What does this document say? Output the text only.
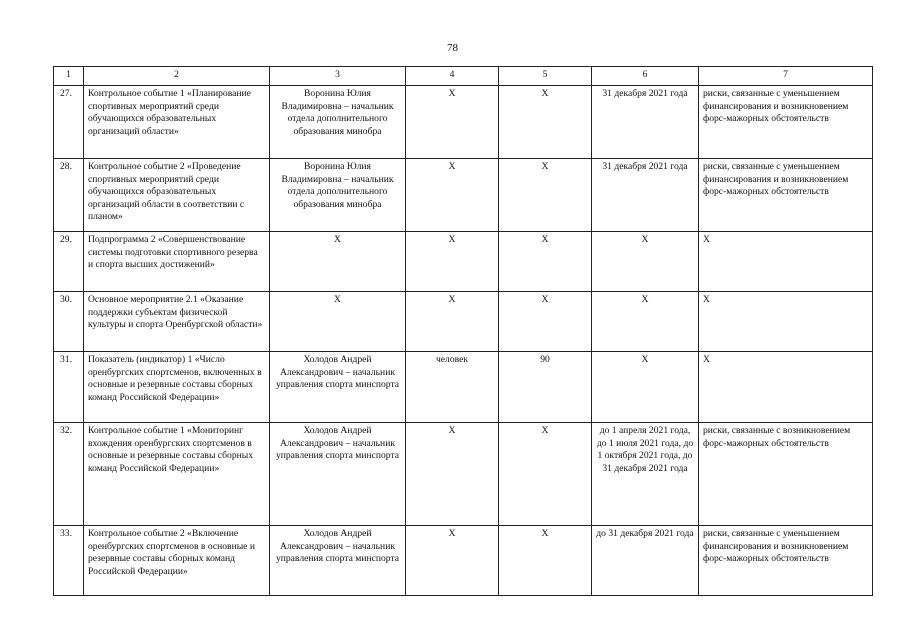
78
1	2	3	4	5	6	7
27.	Контрольное событие 1 «Планирование спортивных мероприятий среди обучающихся образовательных организаций области»	Воронина Юлия Владимировна – начальник отдела дополнительного образования минобра	Х	Х	31 декабря 2021 года	риски, связанные с уменьшением финансирования и возникновением форс-мажорных обстоятельств
28.	Контрольное событие 2 «Проведение спортивных мероприятий среди обучающихся образовательных организаций области в соответствии с планом»	Воронина Юлия Владимировна – начальник отдела дополнительного образования минобра	Х	Х	31 декабря 2021 года	риски, связанные с уменьшением финансирования и возникновением форс-мажорных обстоятельств
29.	Подпрограмма 2 «Совершенствование системы подготовки спортивного резерва и спорта высших достижений»	Х	Х	Х	Х	Х
30.	Основное мероприятие 2.1 «Оказание поддержки субъектам физической культуры и спорта Оренбургской области»	Х	Х	Х	Х	Х
31.	Показатель (индикатор) 1 «Число оренбургских спортсменов, включенных в основные и резервные составы сборных команд Российской Федерации»	Холодов Андрей Александрович – начальник управления спорта минспорта	человек	90	Х	Х
32.	Контрольное событие 1 «Мониторинг вхождения оренбургских спортсменов в основные и резервные составы сборных команд Российской Федерации»	Холодов Андрей Александрович – начальник управления спорта минспорта	Х	Х	до 1 апреля 2021 года, до 1 июля 2021 года, до 1 октября 2021 года, до 31 декабря 2021 года	риски, связанные с возникновением форс-мажорных обстоятельств
33.	Контрольное событие 2 «Включение оренбургских спортсменов в основные и резервные составы сборных команд Российской Федерации»	Холодов Андрей Александрович – начальник управления спорта минспорта	Х	Х	до 31 декабря 2021 года	риски, связанные с уменьшением финансирования и возникновением форс-мажорных обстоятельств
